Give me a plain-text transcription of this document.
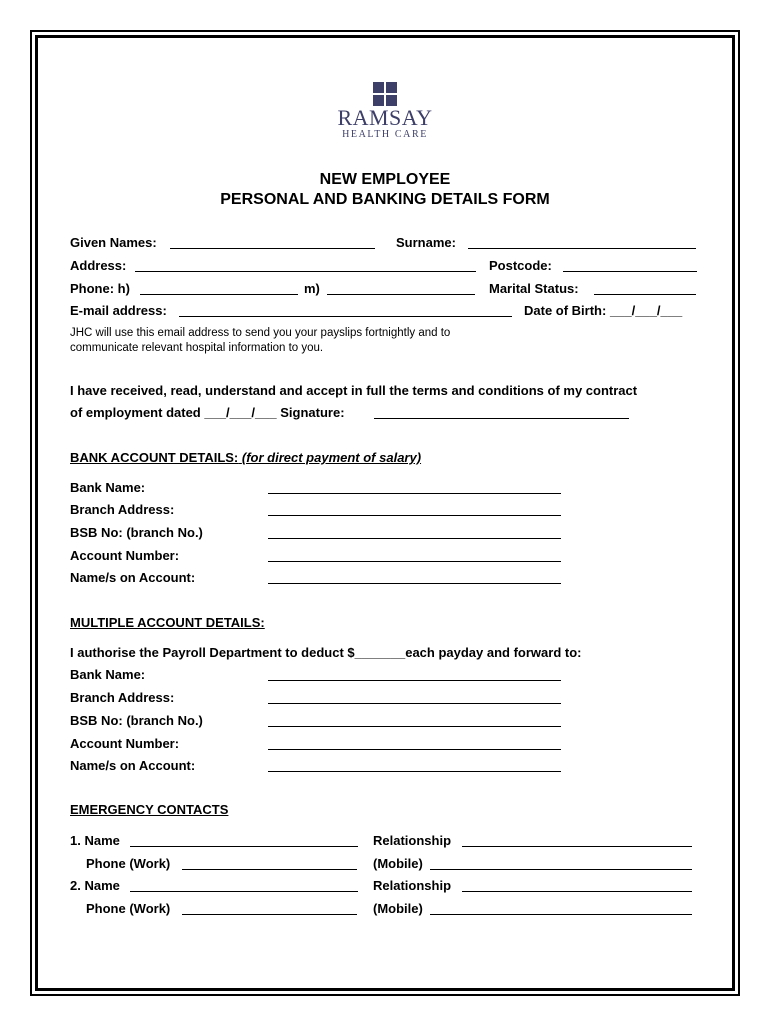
RAMSAY
HEALTH CARE
NEW EMPLOYEE
PERSONAL AND BANKING DETAILS FORM
Given Names:	Surname:
Address:	Postcode:
Phone: h)	m)	Marital Status:
E-mail address:	Date of Birth: ___/___/___
JHC will use this email address to send you your payslips fortnightly and to
communicate relevant hospital information to you.
I have received, read, understand and accept in full the terms and conditions of my contract
of employment dated ___/___/___ Signature:
BANK ACCOUNT DETAILS: (for direct payment of salary)
Bank Name:
Branch Address:
BSB No: (branch No.)
Account Number:
Name/s on Account:
MULTIPLE ACCOUNT DETAILS:
I authorise the Payroll Department to deduct $_______each payday and forward to:
Bank Name:
Branch Address:
BSB No: (branch No.)
Account Number:
Name/s on Account:
EMERGENCY CONTACTS
1. Name	Relationship
Phone (Work)	(Mobile)
2. Name	Relationship
Phone (Work)	(Mobile)
